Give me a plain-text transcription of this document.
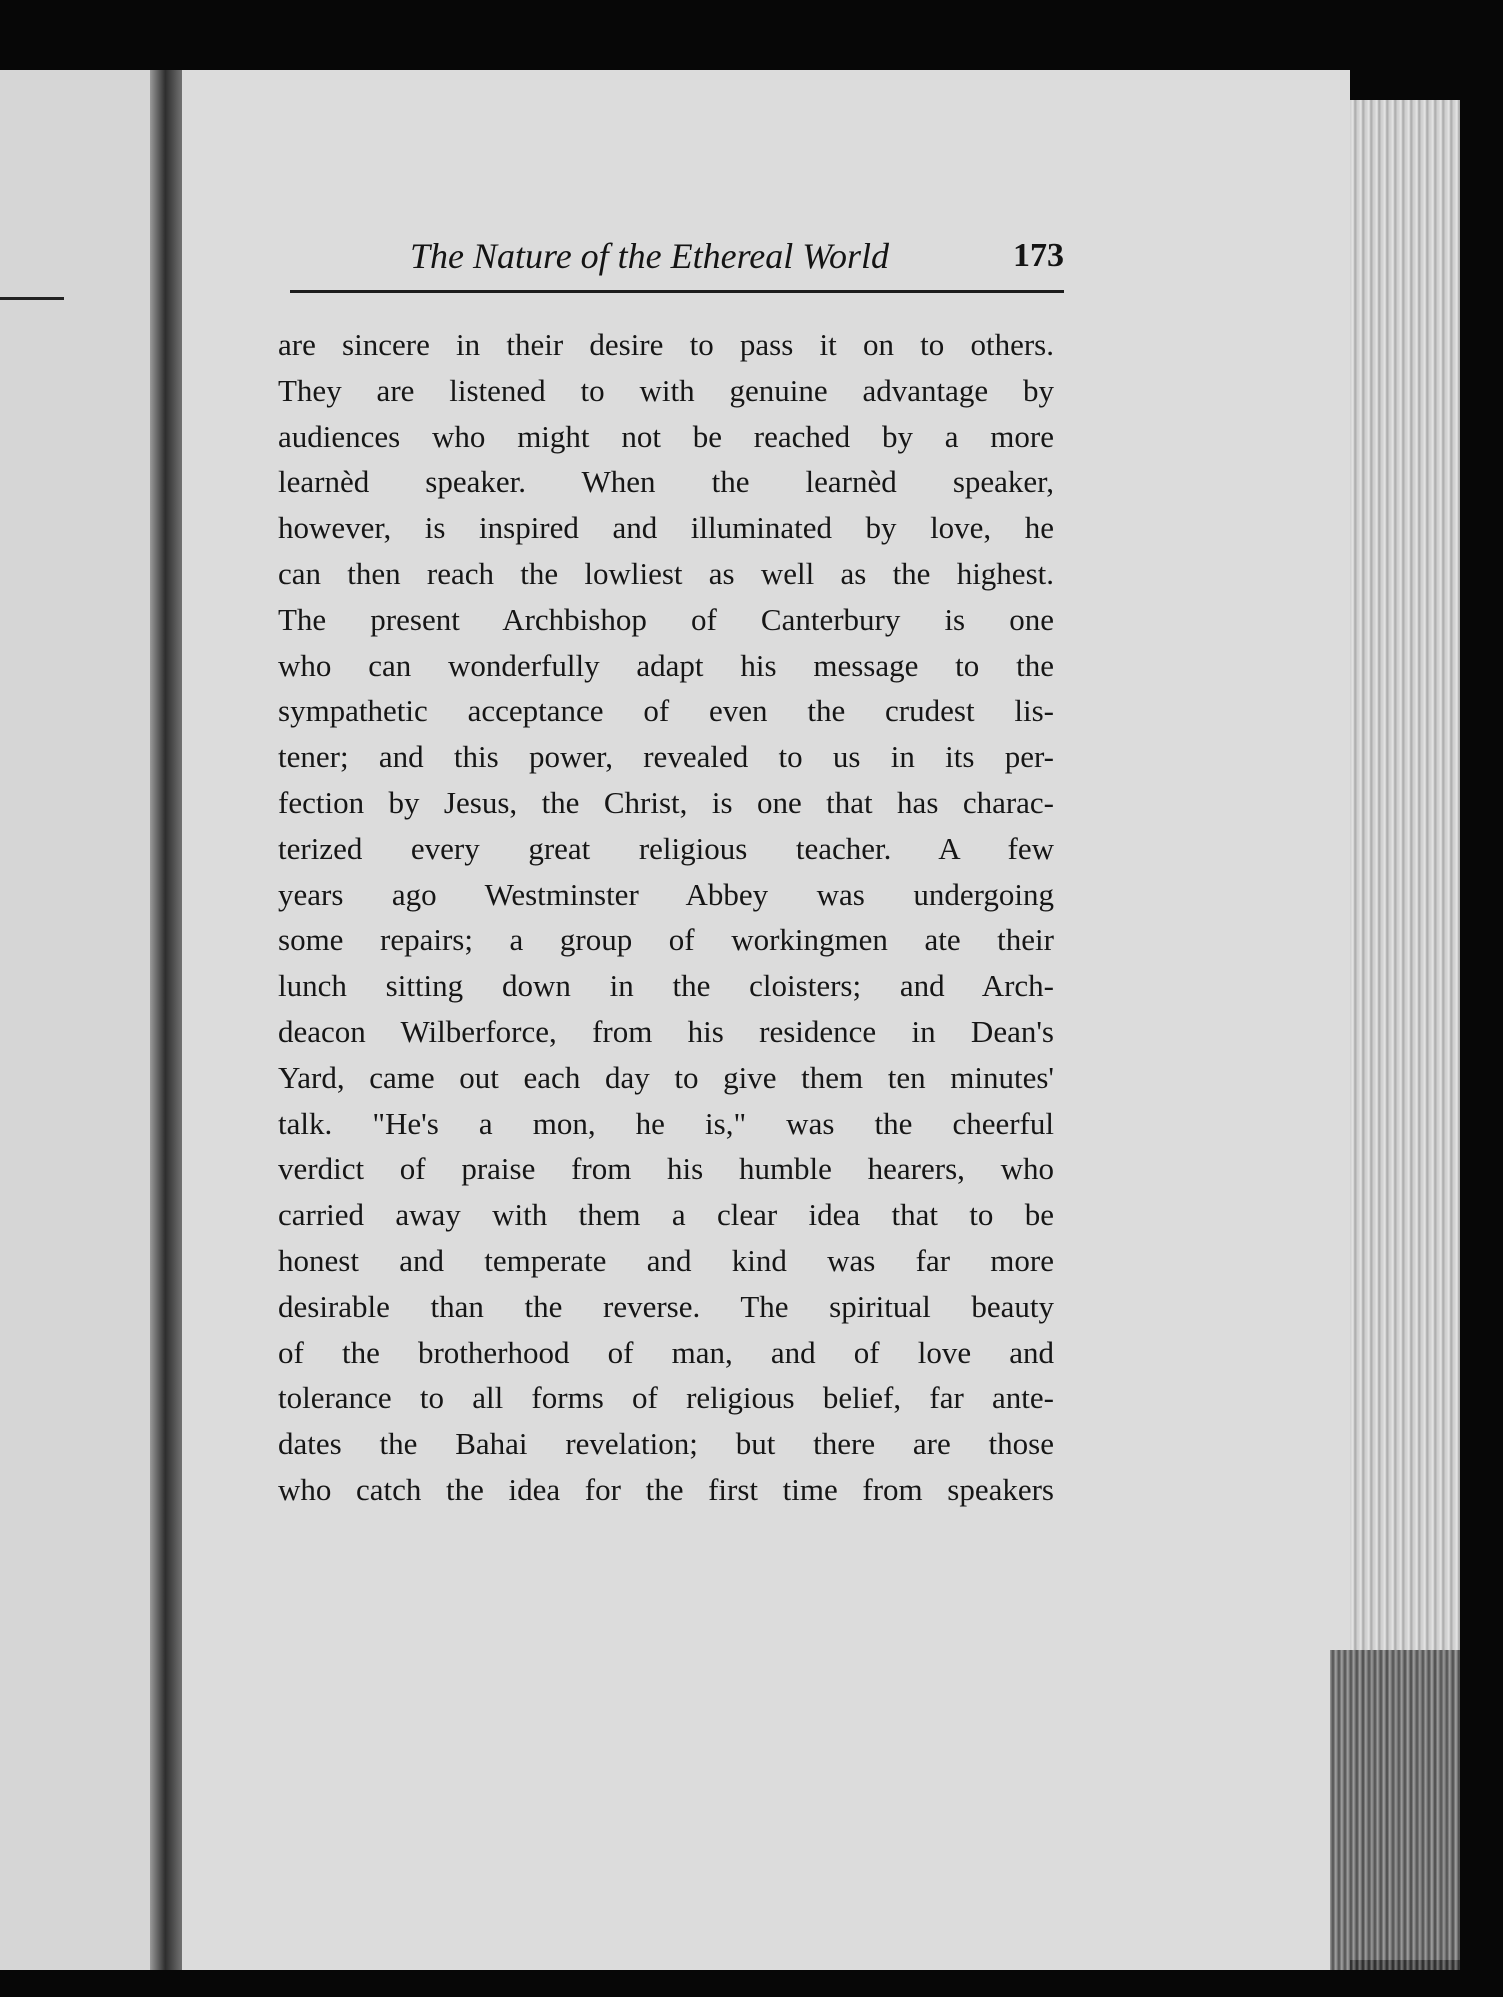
The Nature of the Ethereal World	173
are sincere in their desire to pass it on to others.
They are listened to with genuine advantage by
audiences who might not be reached by a more
learnèd speaker. When the learnèd speaker,
however, is inspired and illuminated by love, he
can then reach the lowliest as well as the highest.
The present Archbishop of Canterbury is one
who can wonderfully adapt his message to the
sympathetic acceptance of even the crudest lis-
tener; and this power, revealed to us in its per-
fection by Jesus, the Christ, is one that has charac-
terized every great religious teacher. A few
years ago Westminster Abbey was undergoing
some repairs; a group of workingmen ate their
lunch sitting down in the cloisters; and Arch-
deacon Wilberforce, from his residence in Dean's
Yard, came out each day to give them ten minutes'
talk. "He's a mon, he is," was the cheerful
verdict of praise from his humble hearers, who
carried away with them a clear idea that to be
honest and temperate and kind was far more
desirable than the reverse. The spiritual beauty
of the brotherhood of man, and of love and
tolerance to all forms of religious belief, far ante-
dates the Bahai revelation; but there are those
who catch the idea for the first time from speakers
